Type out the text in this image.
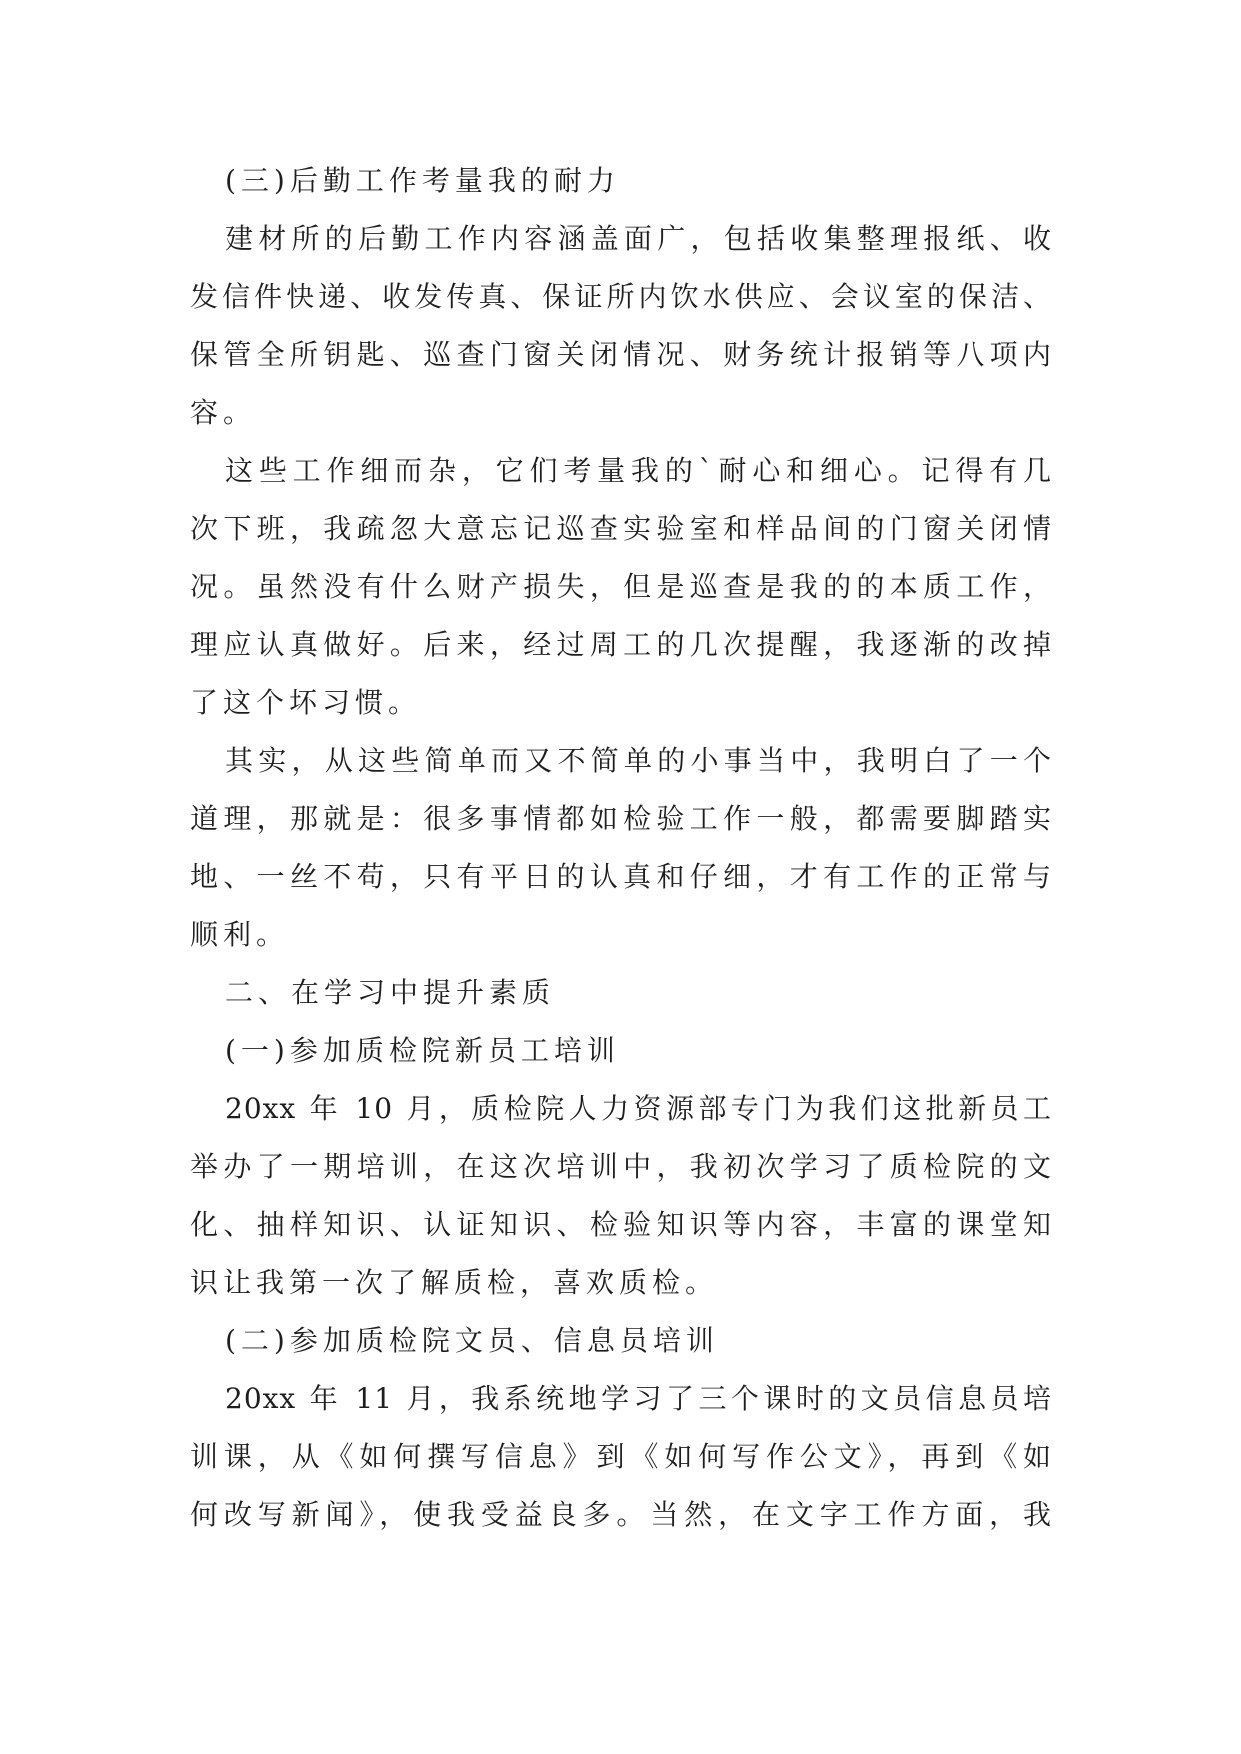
(三)后勤工作考量我的耐力
建材所的后勤工作内容涵盖面广，包括收集整理报纸、收
发信件快递、收发传真、保证所内饮水供应、会议室的保洁、
保管全所钥匙、巡查门窗关闭情况、财务统计报销等八项内
容。
这些工作细而杂，它们考量我的`耐心和细心。记得有几
次下班，我疏忽大意忘记巡查实验室和样品间的门窗关闭情
况。虽然没有什么财产损失，但是巡查是我的的本质工作，
理应认真做好。后来，经过周工的几次提醒，我逐渐的改掉
了这个坏习惯。
其实，从这些简单而又不简单的小事当中，我明白了一个
道理，那就是：很多事情都如检验工作一般，都需要脚踏实
地、一丝不苟，只有平日的认真和仔细，才有工作的正常与
顺利。
二、在学习中提升素质
(一)参加质检院新员工培训
20xx 年 10 月，质检院人力资源部专门为我们这批新员工
举办了一期培训，在这次培训中，我初次学习了质检院的文
化、抽样知识、认证知识、检验知识等内容，丰富的课堂知
识让我第一次了解质检，喜欢质检。
(二)参加质检院文员、信息员培训
20xx 年 11 月，我系统地学习了三个课时的文员信息员培
训课，从《如何撰写信息》到《如何写作公文》，再到《如
何改写新闻》，使我受益良多。当然，在文字工作方面，我
